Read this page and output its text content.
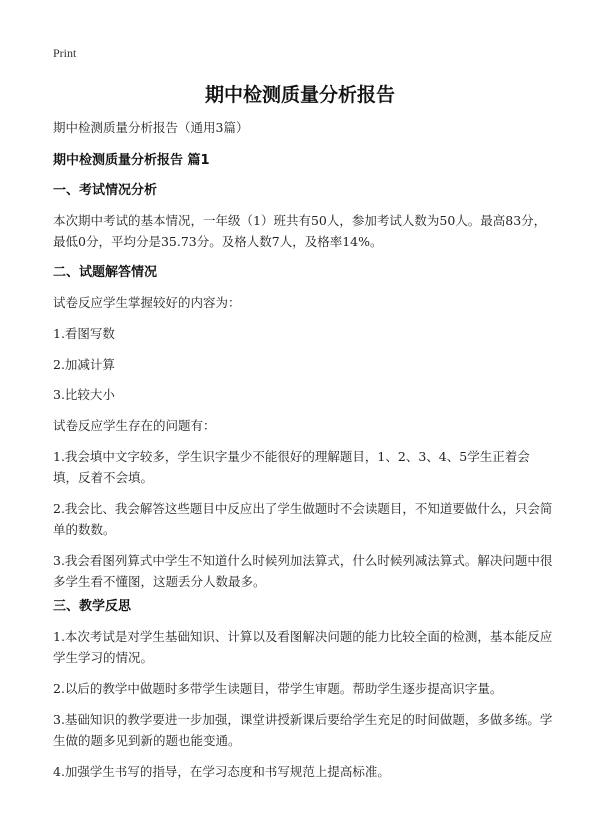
Print
期中检测质量分析报告

期中检测质量分析报告（通用3篇）

期中检测质量分析报告 篇1

一、考试情况分析

本次期中考试的基本情况，一年级（1）班共有50人，参加考试人数为50人。最高83分，最低0分，平均分是35.73分。及格人数7人，及格率14%。

二、试题解答情况

试卷反应学生掌握较好的内容为：

1.看图写数

2.加减计算

3.比较大小

试卷反应学生存在的问题有：

1.我会填中文字较多，学生识字量少不能很好的理解题目，1、2、3、4、5学生正着会填，反着不会填。

2.我会比、我会解答这些题目中反应出了学生做题时不会读题目，不知道要做什么，只会简单的数数。

3.我会看图列算式中学生不知道什么时候列加法算式，什么时候列减法算式。解决问题中很多学生看不懂图，这题丢分人数最多。

三、教学反思

1.本次考试是对学生基础知识、计算以及看图解决问题的能力比较全面的检测，基本能反应学生学习的情况。

2.以后的教学中做题时多带学生读题目，带学生审题。帮助学生逐步提高识字量。

3.基础知识的教学要进一步加强，课堂讲授新课后要给学生充足的时间做题，多做多练。学生做的题多见到新的题也能变通。

4.加强学生书写的指导，在学习态度和书写规范上提高标准。
